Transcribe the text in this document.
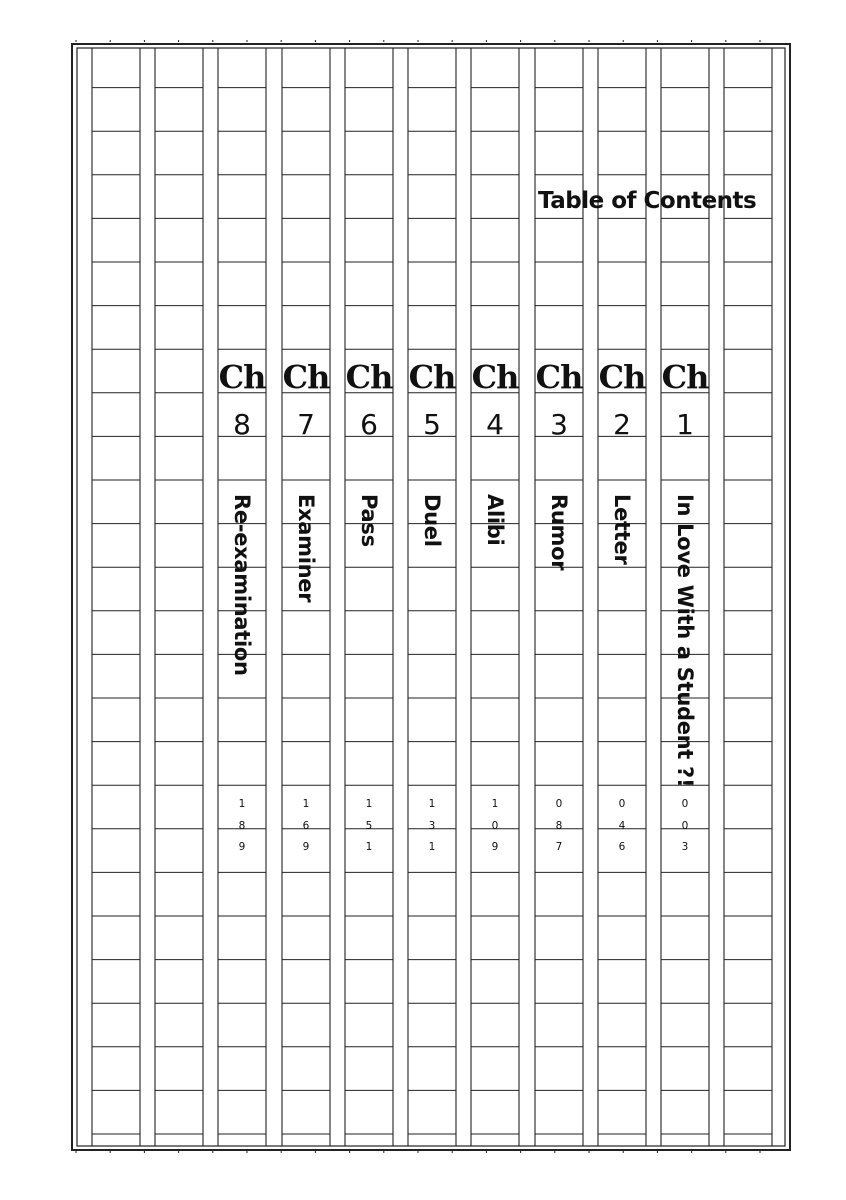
Table of Contents
Ch
8
Re-examination
1
8
9
Ch
7
Examiner
1
6
9
Ch
6
Pass
1
5
1
Ch
5
Duel
1
3
1
Ch
4
Alibi
1
0
9
Ch
3
Rumor
0
8
7
Ch
2
Letter
0
4
6
Ch
1
In Love With a Student ?!
0
0
3
